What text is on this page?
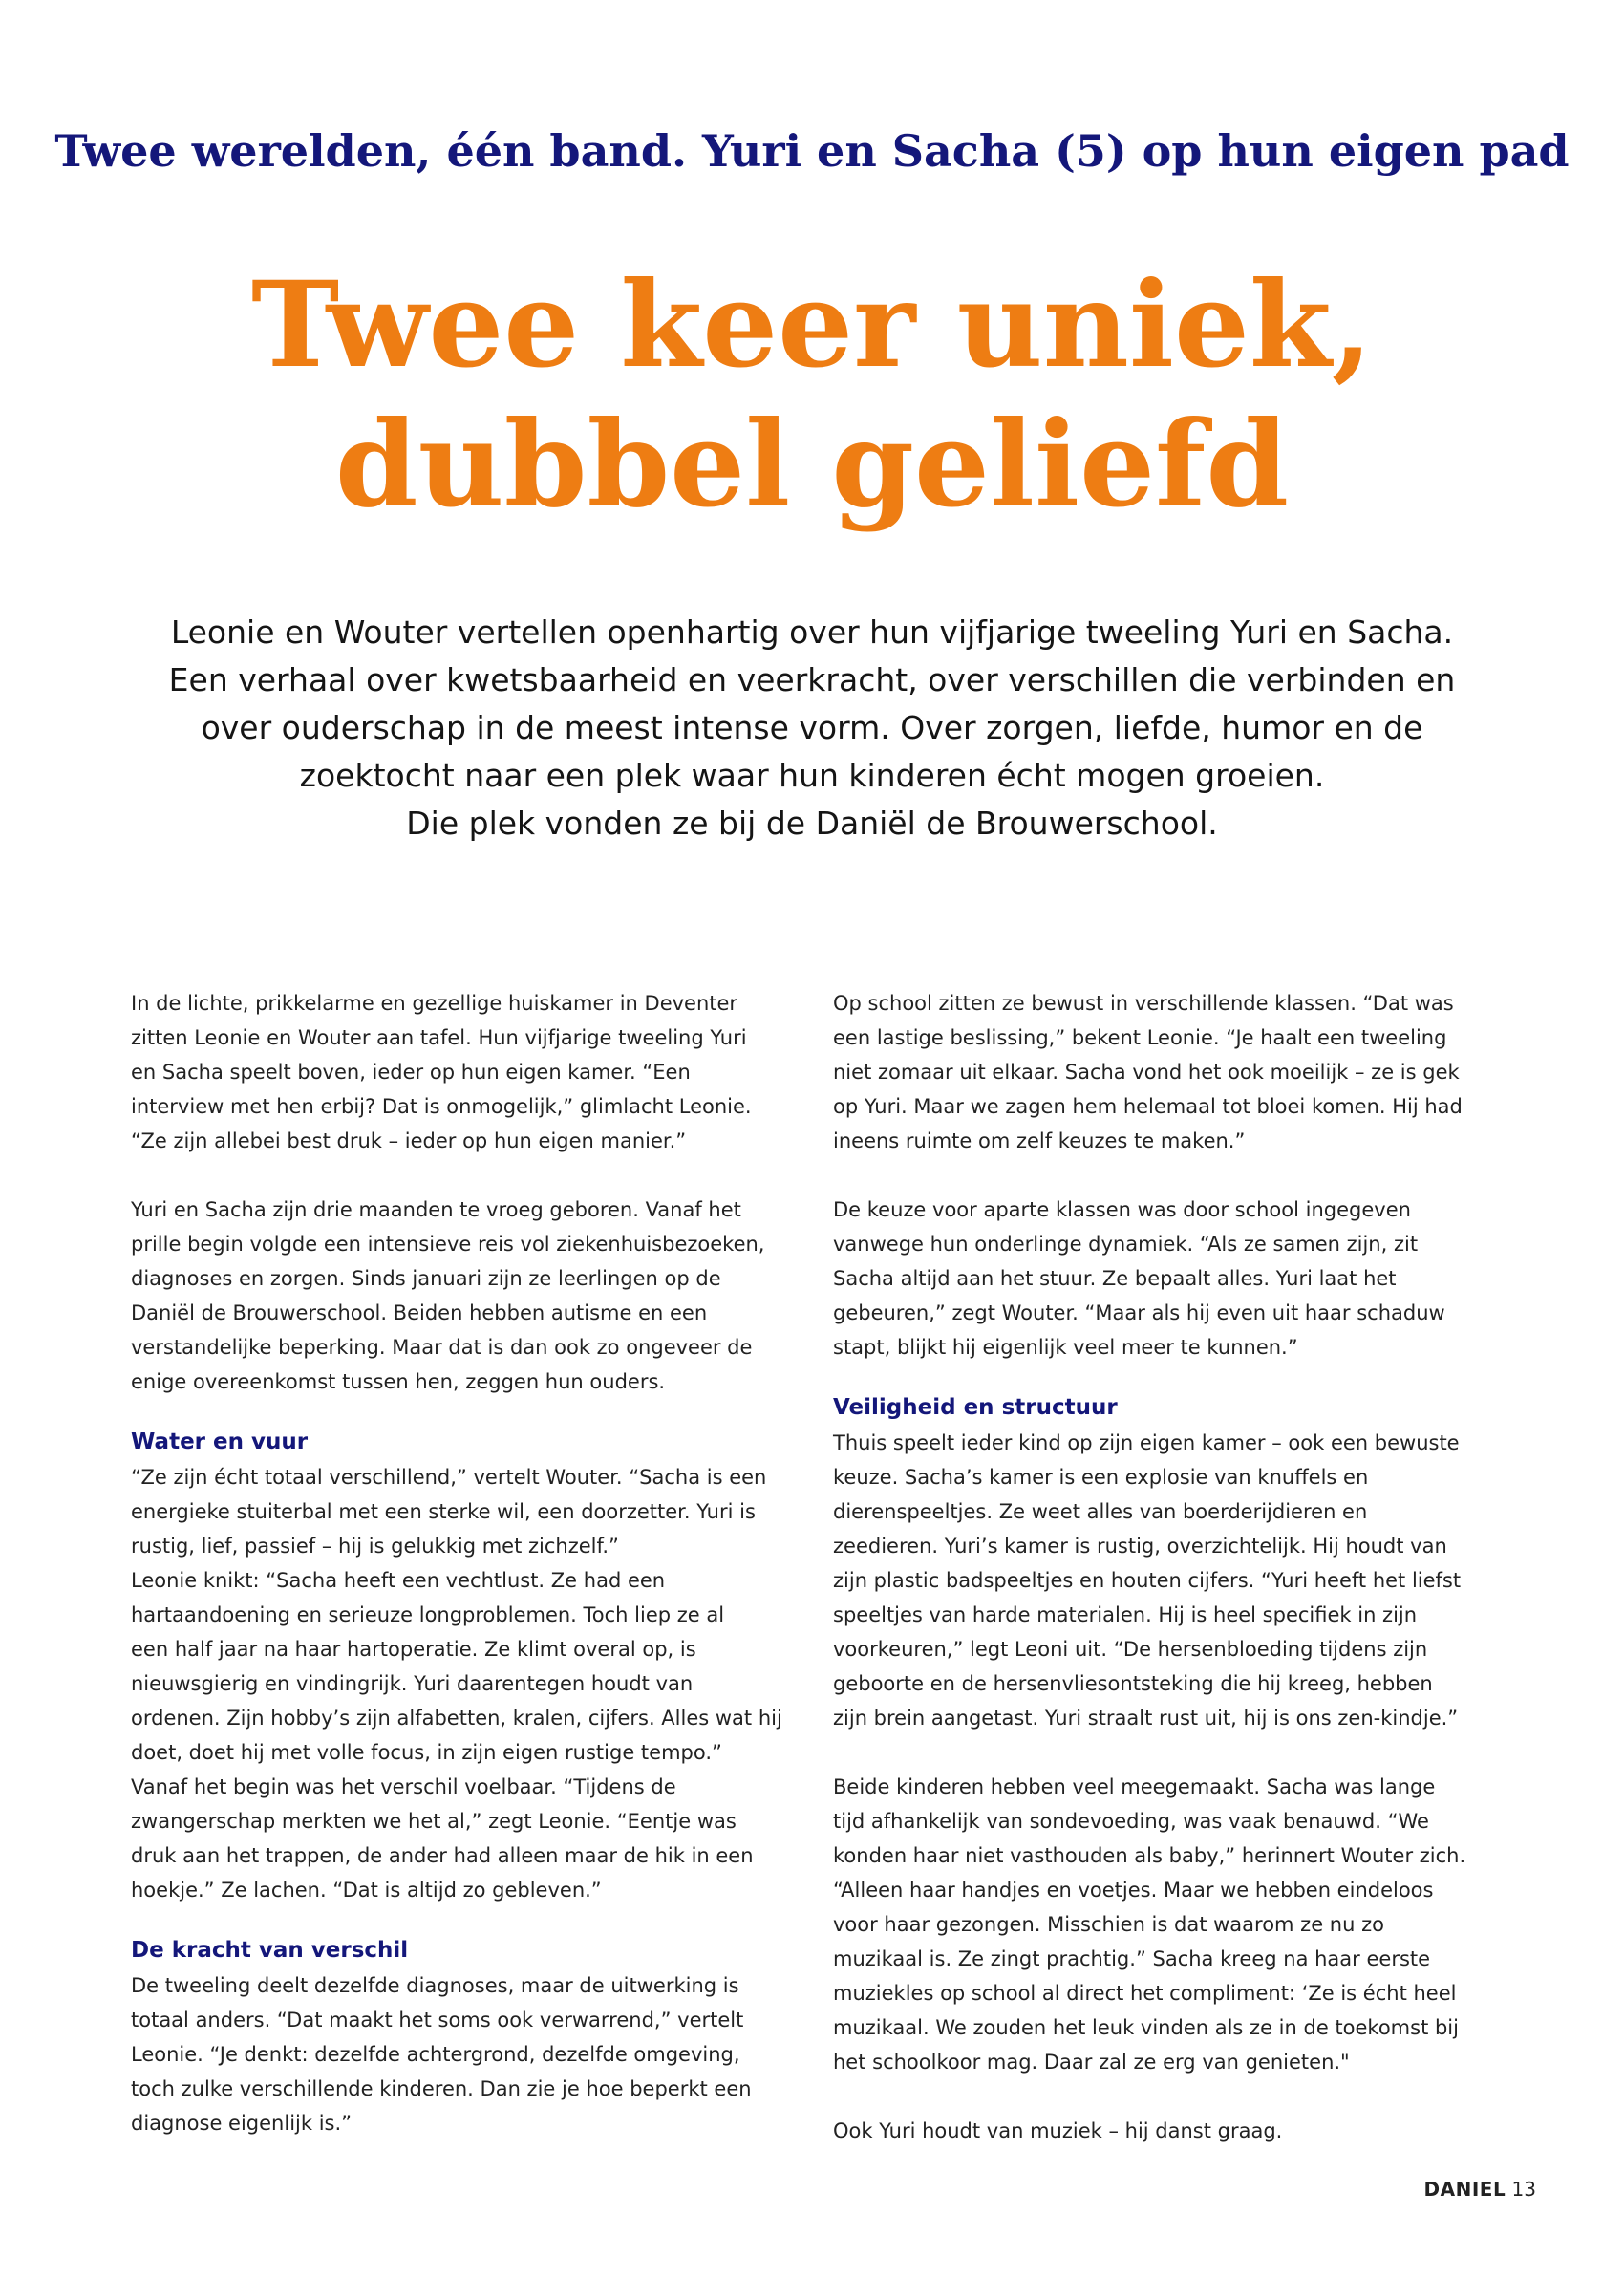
Twee werelden, één band. Yuri en Sacha (5) op hun eigen pad
Twee keer uniek,
dubbel geliefd

Leonie en Wouter vertellen openhartig over hun vijfjarige tweeling Yuri en Sacha.
Een verhaal over kwetsbaarheid en veerkracht, over verschillen die verbinden en
over ouderschap in de meest intense vorm. Over zorgen, liefde, humor en de
zoektocht naar een plek waar hun kinderen écht mogen groeien.
Die plek vonden ze bij de Daniël de Brouwerschool.

In de lichte, prikkelarme en gezellige huiskamer in Deventer
zitten Leonie en Wouter aan tafel. Hun vijfjarige tweeling Yuri
en Sacha speelt boven, ieder op hun eigen kamer. “Een
interview met hen erbij? Dat is onmogelijk,” glimlacht Leonie.
“Ze zijn allebei best druk – ieder op hun eigen manier.”

Yuri en Sacha zijn drie maanden te vroeg geboren. Vanaf het
prille begin volgde een intensieve reis vol ziekenhuisbezoeken,
diagnoses en zorgen. Sinds januari zijn ze leerlingen op de
Daniël de Brouwerschool. Beiden hebben autisme en een
verstandelijke beperking. Maar dat is dan ook zo ongeveer de
enige overeenkomst tussen hen, zeggen hun ouders.

Water en vuur

“Ze zijn écht totaal verschillend,” vertelt Wouter. “Sacha is een
energieke stuiterbal met een sterke wil, een doorzetter. Yuri is
rustig, lief, passief – hij is gelukkig met zichzelf.”
Leonie knikt: “Sacha heeft een vechtlust. Ze had een
hartaandoening en serieuze longproblemen. Toch liep ze al
een half jaar na haar hartoperatie. Ze klimt overal op, is
nieuwsgierig en vindingrijk. Yuri daarentegen houdt van
ordenen. Zijn hobby’s zijn alfabetten, kralen, cijfers. Alles wat hij
doet, doet hij met volle focus, in zijn eigen rustige tempo.”
Vanaf het begin was het verschil voelbaar. “Tijdens de
zwangerschap merkten we het al,” zegt Leonie. “Eentje was
druk aan het trappen, de ander had alleen maar de hik in een
hoekje.” Ze lachen. “Dat is altijd zo gebleven.”

De kracht van verschil

De tweeling deelt dezelfde diagnoses, maar de uitwerking is
totaal anders. “Dat maakt het soms ook verwarrend,” vertelt
Leonie. “Je denkt: dezelfde achtergrond, dezelfde omgeving,
toch zulke verschillende kinderen. Dan zie je hoe beperkt een
diagnose eigenlijk is.”

Op school zitten ze bewust in verschillende klassen. “Dat was
een lastige beslissing,” bekent Leonie. “Je haalt een tweeling
niet zomaar uit elkaar. Sacha vond het ook moeilijk – ze is gek
op Yuri. Maar we zagen hem helemaal tot bloei komen. Hij had
ineens ruimte om zelf keuzes te maken.”

De keuze voor aparte klassen was door school ingegeven
vanwege hun onderlinge dynamiek. “Als ze samen zijn, zit
Sacha altijd aan het stuur. Ze bepaalt alles. Yuri laat het
gebeuren,” zegt Wouter. “Maar als hij even uit haar schaduw
stapt, blijkt hij eigenlijk veel meer te kunnen.”

Veiligheid en structuur

Thuis speelt ieder kind op zijn eigen kamer – ook een bewuste
keuze. Sacha’s kamer is een explosie van knuffels en
dierenspeeltjes. Ze weet alles van boerderijdieren en
zeedieren. Yuri’s kamer is rustig, overzichtelijk. Hij houdt van
zijn plastic badspeeltjes en houten cijfers. “Yuri heeft het liefst
speeltjes van harde materialen. Hij is heel specifiek in zijn
voorkeuren,” legt Leoni uit. “De hersenbloeding tijdens zijn
geboorte en de hersenvliesontsteking die hij kreeg, hebben
zijn brein aangetast. Yuri straalt rust uit, hij is ons zen-kindje.”

Beide kinderen hebben veel meegemaakt. Sacha was lange
tijd afhankelijk van sondevoeding, was vaak benauwd. “We
konden haar niet vasthouden als baby,” herinnert Wouter zich.
“Alleen haar handjes en voetjes. Maar we hebben eindeloos
voor haar gezongen. Misschien is dat waarom ze nu zo
muzikaal is. Ze zingt prachtig.” Sacha kreeg na haar eerste
muziekles op school al direct het compliment: ‘Ze is écht heel
muzikaal. We zouden het leuk vinden als ze in de toekomst bij
het schoolkoor mag. Daar zal ze erg van genieten."

Ook Yuri houdt van muziek – hij danst graag.

DANIEL 13
